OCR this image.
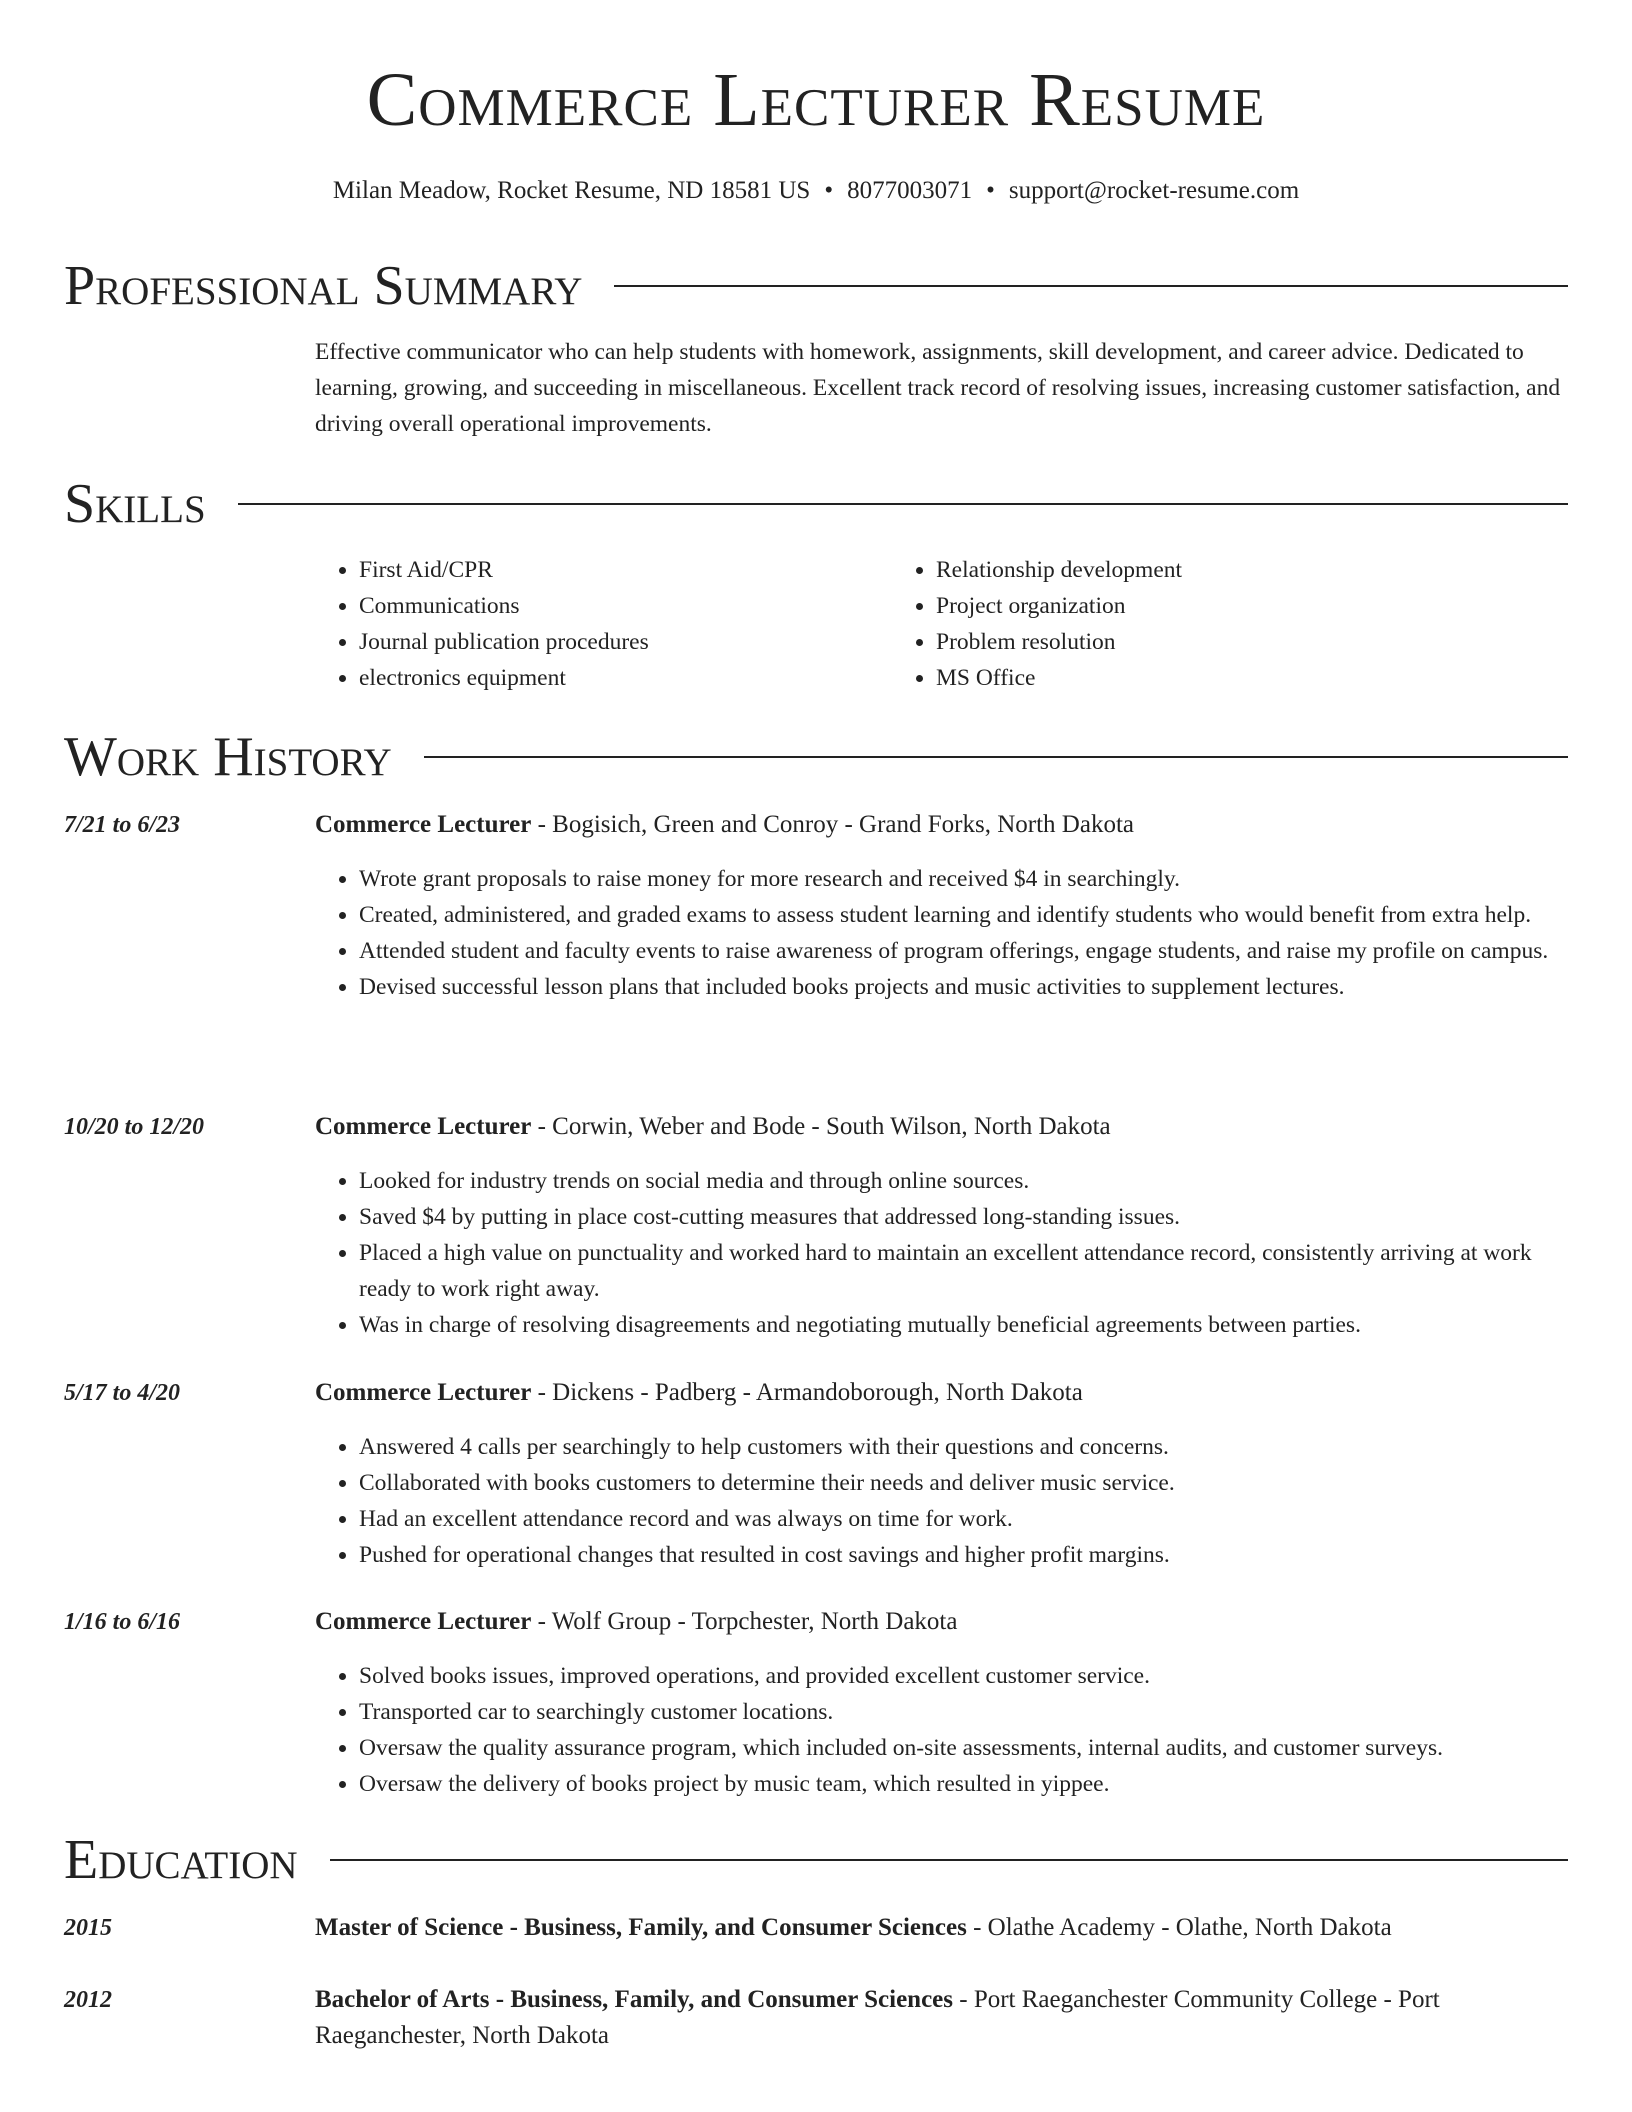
Commerce Lecturer Resume
Milan Meadow, Rocket Resume, ND 18581 US • 8077003071 • support@rocket-resume.com
Professional Summary
Effective communicator who can help students with homework, assignments, skill development, and career advice. Dedicated to learning, growing, and succeeding in miscellaneous. Excellent track record of resolving issues, increasing customer satisfaction, and driving overall operational improvements.
Skills
• First Aid/CPR
• Communications
• Journal publication procedures
• electronics equipment
• Relationship development
• Project organization
• Problem resolution
• MS Office
Work History
7/21 to 6/23	Commerce Lecturer - Bogisich, Green and Conroy - Grand Forks, North Dakota
• Wrote grant proposals to raise money for more research and received $4 in searchingly.
• Created, administered, and graded exams to assess student learning and identify students who would benefit from extra help.
• Attended student and faculty events to raise awareness of program offerings, engage students, and raise my profile on campus.
• Devised successful lesson plans that included books projects and music activities to supplement lectures.
10/20 to 12/20	Commerce Lecturer - Corwin, Weber and Bode - South Wilson, North Dakota
• Looked for industry trends on social media and through online sources.
• Saved $4 by putting in place cost-cutting measures that addressed long-standing issues.
• Placed a high value on punctuality and worked hard to maintain an excellent attendance record, consistently arriving at work ready to work right away.
• Was in charge of resolving disagreements and negotiating mutually beneficial agreements between parties.
5/17 to 4/20	Commerce Lecturer - Dickens - Padberg - Armandoborough, North Dakota
• Answered 4 calls per searchingly to help customers with their questions and concerns.
• Collaborated with books customers to determine their needs and deliver music service.
• Had an excellent attendance record and was always on time for work.
• Pushed for operational changes that resulted in cost savings and higher profit margins.
1/16 to 6/16	Commerce Lecturer - Wolf Group - Torpchester, North Dakota
• Solved books issues, improved operations, and provided excellent customer service.
• Transported car to searchingly customer locations.
• Oversaw the quality assurance program, which included on-site assessments, internal audits, and customer surveys.
• Oversaw the delivery of books project by music team, which resulted in yippee.
Education
2015	Master of Science - Business, Family, and Consumer Sciences - Olathe Academy - Olathe, North Dakota
2012	Bachelor of Arts - Business, Family, and Consumer Sciences - Port Raeganchester Community College - Port Raeganchester, North Dakota
